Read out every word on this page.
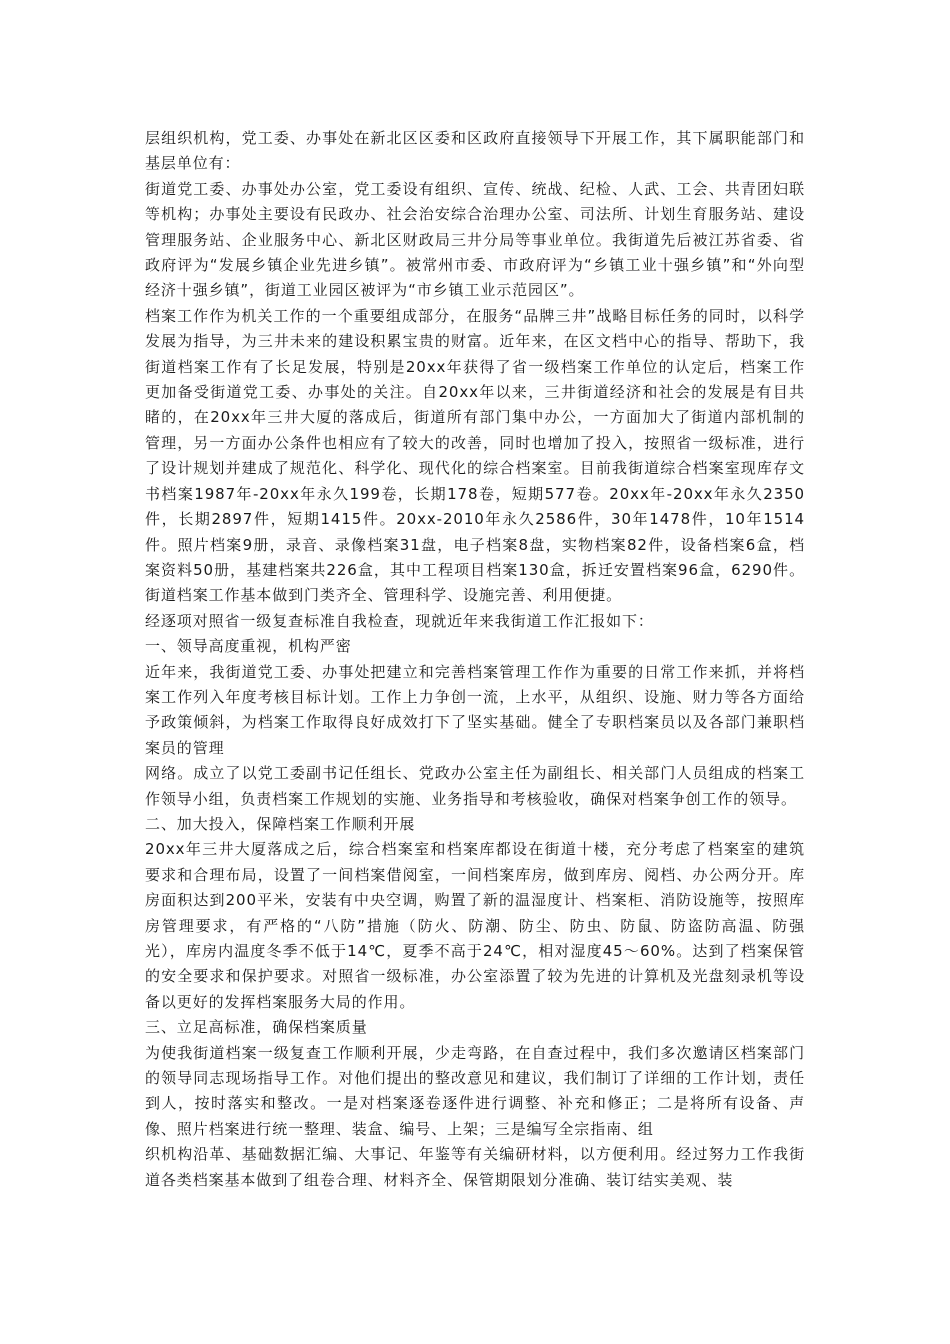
层组织机构，党工委、办事处在新北区区委和区政府直接领导下开展工作，其下属职能部门和基层单位有：

街道党工委、办事处办公室，党工委设有组织、宣传、统战、纪检、人武、工会、共青团妇联等机构；办事处主要设有民政办、社会治安综合治理办公室、司法所、计划生育服务站、建设管理服务站、企业服务中心、新北区财政局三井分局等事业单位。我街道先后被江苏省委、省政府评为“发展乡镇企业先进乡镇”。被常州市委、市政府评为“乡镇工业十强乡镇”和“外向型经济十强乡镇”，街道工业园区被评为“市乡镇工业示范园区”。

档案工作作为机关工作的一个重要组成部分，在服务“品牌三井”战略目标任务的同时，以科学发展为指导，为三井未来的建设积累宝贵的财富。近年来，在区文档中心的指导、帮助下，我街道档案工作有了长足发展，特别是20xx年获得了省一级档案工作单位的认定后，档案工作更加备受街道党工委、办事处的关注。自20xx年以来，三井街道经济和社会的发展是有目共睹的，在20xx年三井大厦的落成后，街道所有部门集中办公，一方面加大了街道内部机制的管理，另一方面办公条件也相应有了较大的改善，同时也增加了投入，按照省一级标准，进行了设计规划并建成了规范化、科学化、现代化的综合档案室。目前我街道综合档案室现库存文书档案1987年-20xx年永久199卷，长期178卷，短期577卷。20xx年-20xx年永久2350件，长期2897件，短期1415件。20xx-2010年永久2586件，30年1478件，10年1514件。照片档案9册，录音、录像档案31盘，电子档案8盘，实物档案82件，设备档案6盒，档案资料50册，基建档案共226盒，其中工程项目档案130盒，拆迁安置档案96盒，6290件。街道档案工作基本做到门类齐全、管理科学、设施完善、利用便捷。

经逐项对照省一级复查标准自我检查，现就近年来我街道工作汇报如下：

一、领导高度重视，机构严密

近年来，我街道党工委、办事处把建立和完善档案管理工作作为重要的日常工作来抓，并将档案工作列入年度考核目标计划。工作上力争创一流，上水平，从组织、设施、财力等各方面给予政策倾斜，为档案工作取得良好成效打下了坚实基础。健全了专职档案员以及各部门兼职档案员的管理

网络。成立了以党工委副书记任组长、党政办公室主任为副组长、相关部门人员组成的档案工作领导小组，负责档案工作规划的实施、业务指导和考核验收，确保对档案争创工作的领导。

二、加大投入，保障档案工作顺利开展

20xx年三井大厦落成之后，综合档案室和档案库都设在街道十楼，充分考虑了档案室的建筑要求和合理布局，设置了一间档案借阅室，一间档案库房，做到库房、阅档、办公两分开。库房面积达到200平米，安装有中央空调，购置了新的温湿度计、档案柜、消防设施等，按照库房管理要求，有严格的“八防”措施（防火、防潮、防尘、防虫、防鼠、防盗防高温、防强光），库房内温度冬季不低于14℃，夏季不高于24℃，相对湿度45～60%。达到了档案保管的安全要求和保护要求。对照省一级标准，办公室添置了较为先进的计算机及光盘刻录机等设备以更好的发挥档案服务大局的作用。

三、立足高标准，确保档案质量

为使我街道档案一级复查工作顺利开展，少走弯路，在自查过程中，我们多次邀请区档案部门的领导同志现场指导工作。对他们提出的整改意见和建议，我们制订了详细的工作计划，责任到人，按时落实和整改。一是对档案逐卷逐件进行调整、补充和修正；二是将所有设备、声像、照片档案进行统一整理、装盒、编号、上架；三是编写全宗指南、组

织机构沿革、基础数据汇编、大事记、年鉴等有关编研材料，以方便利用。经过努力工作我街道各类档案基本做到了组卷合理、材料齐全、保管期限划分准确、装订结实美观、装
